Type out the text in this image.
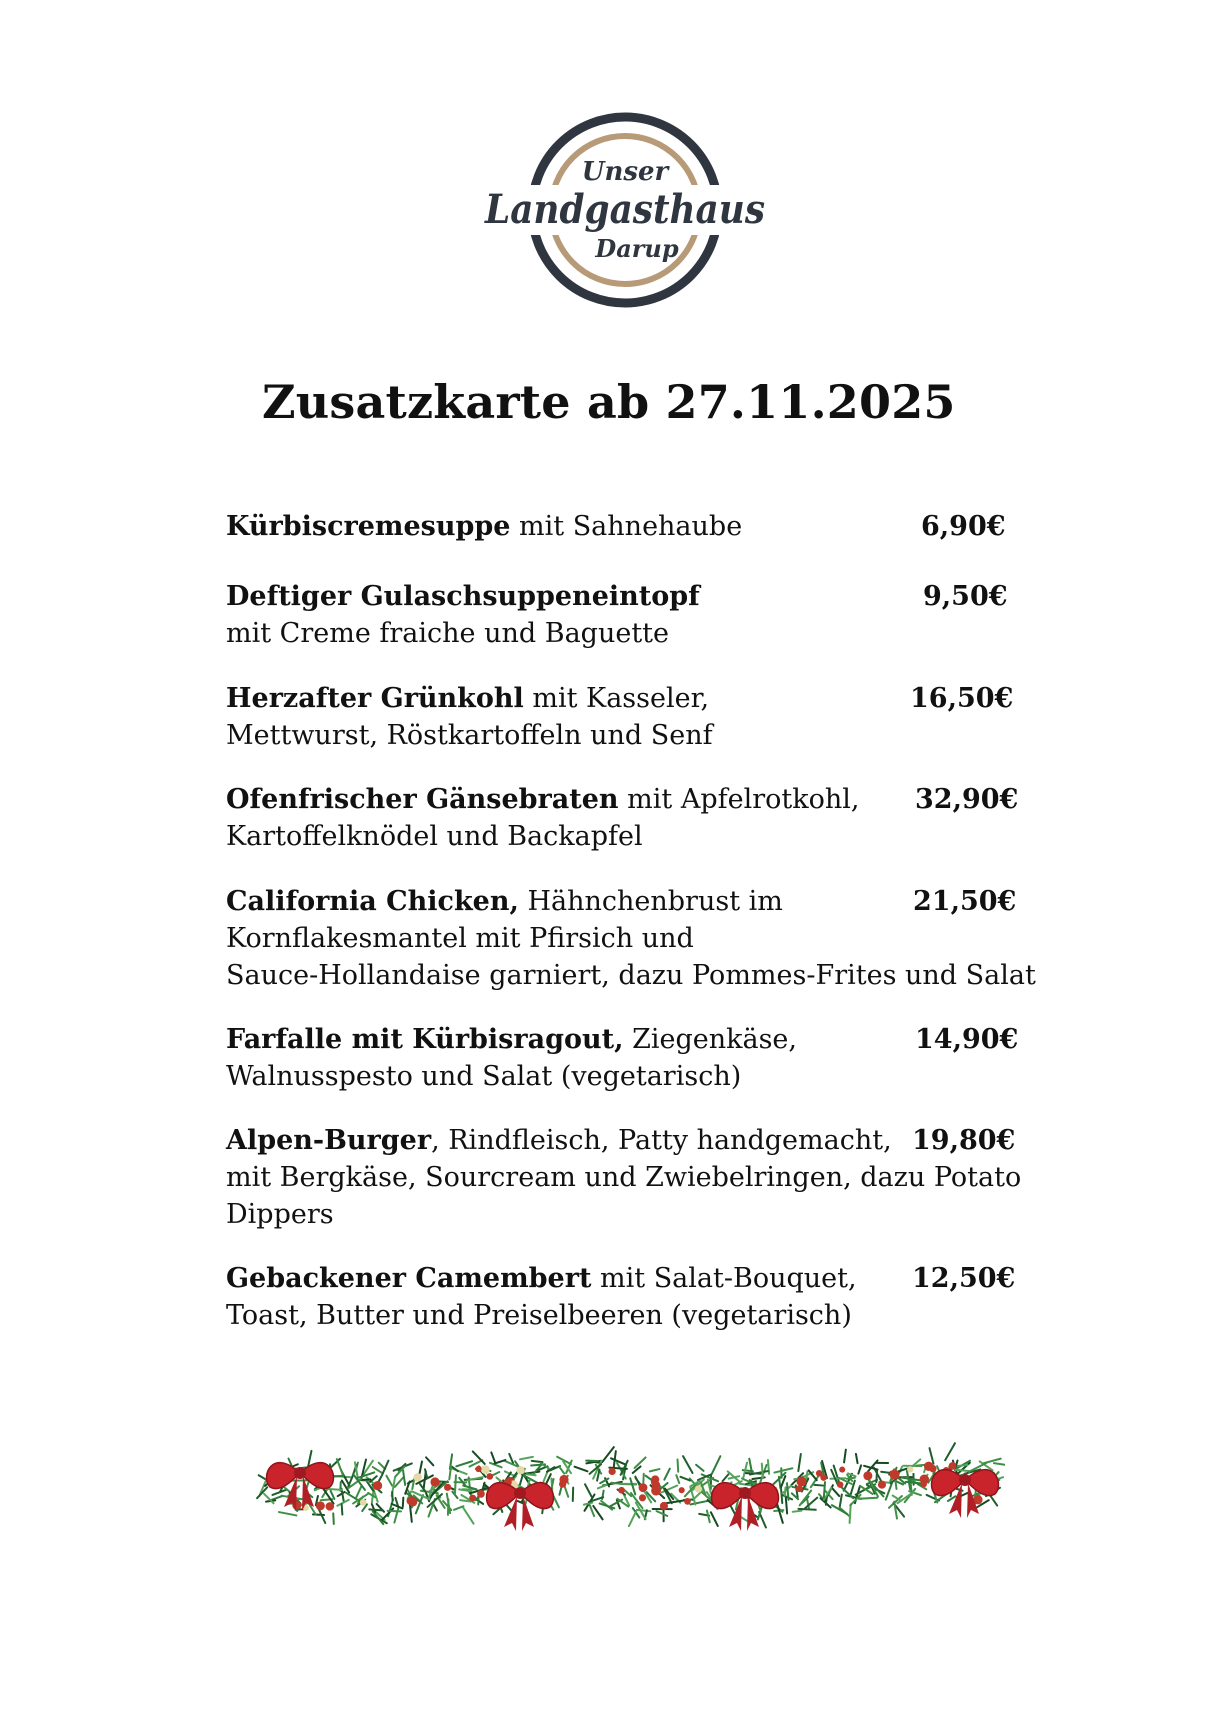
Unser
Landgasthaus
Darup
Zusatzkarte ab 27.11.2025
Kürbiscremesuppe mit Sahnehaube	6,90€
Deftiger Gulaschsuppeneintopf
mit Creme fraiche und Baguette
9,50€
Herzafter Grünkohl mit Kasseler,
Mettwurst, Röstkartoffeln und Senf
16,50€
Ofenfrischer Gänsebraten mit Apfelrotkohl,
Kartoffelknödel und Backapfel
32,90€
California Chicken, Hähnchenbrust im
Kornflakesmantel mit Pfirsich und
Sauce-Hollandaise garniert, dazu Pommes-Frites und Salat
21,50€
Farfalle mit Kürbisragout, Ziegenkäse,
Walnusspesto und Salat (vegetarisch)
14,90€
Alpen-Burger, Rindfleisch, Patty handgemacht,
mit Bergkäse, Sourcream und Zwiebelringen, dazu Potato
Dippers
19,80€
Gebackener Camembert mit Salat-Bouquet,
Toast, Butter und Preiselbeeren (vegetarisch)
12,50€
